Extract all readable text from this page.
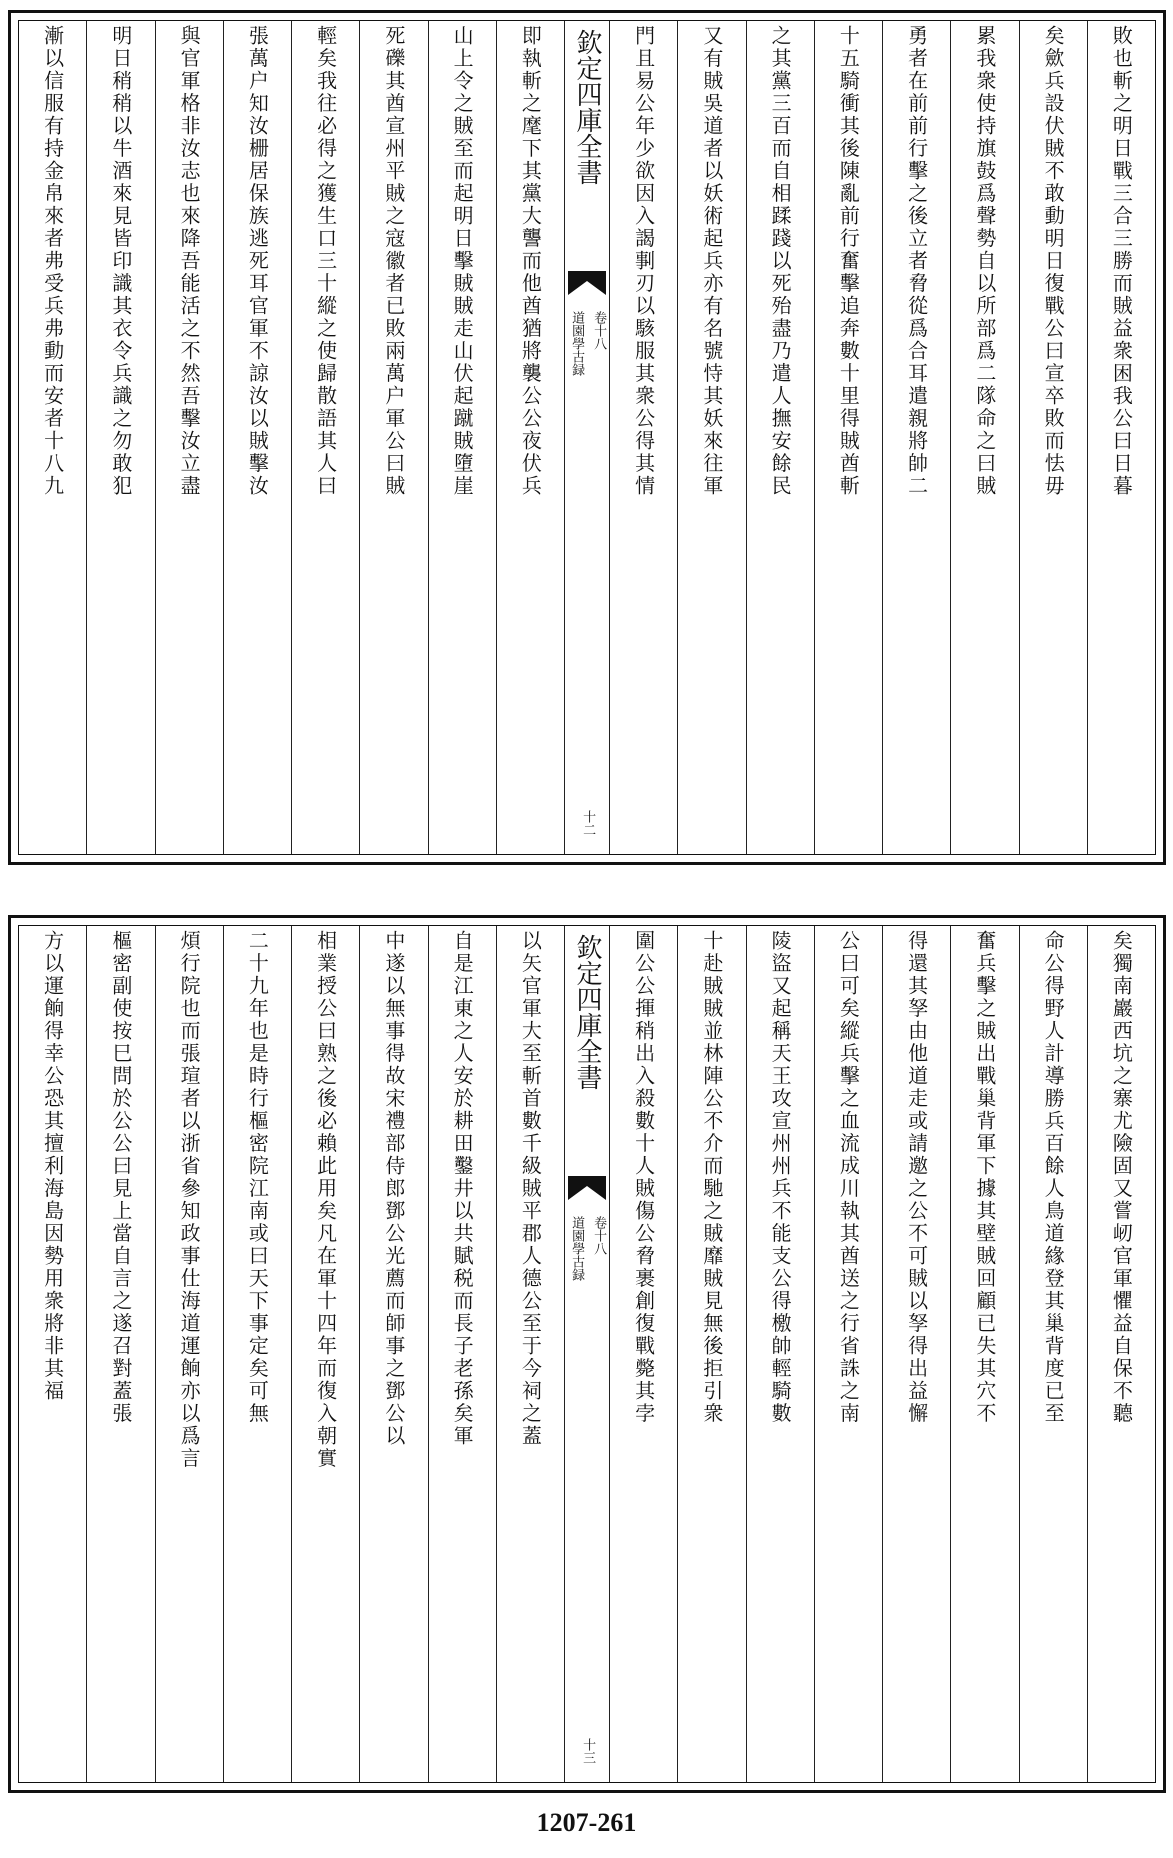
敗也斬之明日戰三合三勝而賊益衆困我公曰日暮
矣歛兵設伏賊不敢動明日復戰公曰宣卒敗而怯毋
累我衆使持旗鼓爲聲勢自以所部爲二隊命之曰賊
勇者在前前行擊之後立者脅從爲合耳遣親將帥二
十五騎衝其後陳亂前行奮擊追奔數十里得賊酋斬
之其黨三百而自相蹂踐以死殆盡乃遣人撫安餘民
又有賊吳道者以妖術起兵亦有名號恃其妖來往軍
門且易公年少欲因入謁剚刃以駭服其衆公得其情
欽定四庫全書
道園學古録 卷十八
十二
即執斬之麾下其黨大讋而他酋猶將襲公公夜伏兵
山上令之賊至而起明日擊賊賊走山伏起蹴賊墮崖
死礫其酋宣州平賊之寇徽者已敗兩萬户軍公曰賊
輕矣我往必得之獲生口三十縱之使歸散語其人曰
張萬户知汝栅居保族逃死耳官軍不諒汝以賊擊汝
與官軍格非汝志也來降吾能活之不然吾擊汝立盡
明日稍稍以牛酒來見皆印識其衣令兵識之勿敢犯
漸以信服有持金帛來者弗受兵弗動而安者十八九
矣獨南巖西坑之寨尤險固又嘗屻官軍懼益自保不聽
命公得野人計導勝兵百餘人鳥道緣登其巢背度已至
奮兵擊之賊出戰巢背軍下據其壁賊回顧已失其穴不
得還其孥由他道走或請邀之公不可賊以孥得出益懈
公曰可矣縱兵擊之血流成川執其酋送之行省誅之南
陵盜又起稱天王攻宣州州兵不能支公得檄帥輕騎數
十赴賊賊並林陣公不介而馳之賊靡賊見無後拒引衆
圍公公揮稍出入殺數十人賊傷公脅裹創復戰斃其孛
欽定四庫全書
道園學古録 卷十八
十三
以矢官軍大至斬首數千級賊平郡人德公至于今祠之蓋
自是江東之人安於耕田鑿井以共賦税而長子老孫矣軍
中遂以無事得故宋禮部侍郎鄧公光薦而師事之鄧公以
相業授公曰熟之後必賴此用矣凡在軍十四年而復入朝實
二十九年也是時行樞密院江南或曰天下事定矣可無
煩行院也而張瑄者以浙省參知政事仕海道運餉亦以爲言
樞密副使按巳問於公公曰見上當自言之遂召對蓋張
方以運餉得幸公恐其擅利海島因勢用衆將非其福
1207-261
